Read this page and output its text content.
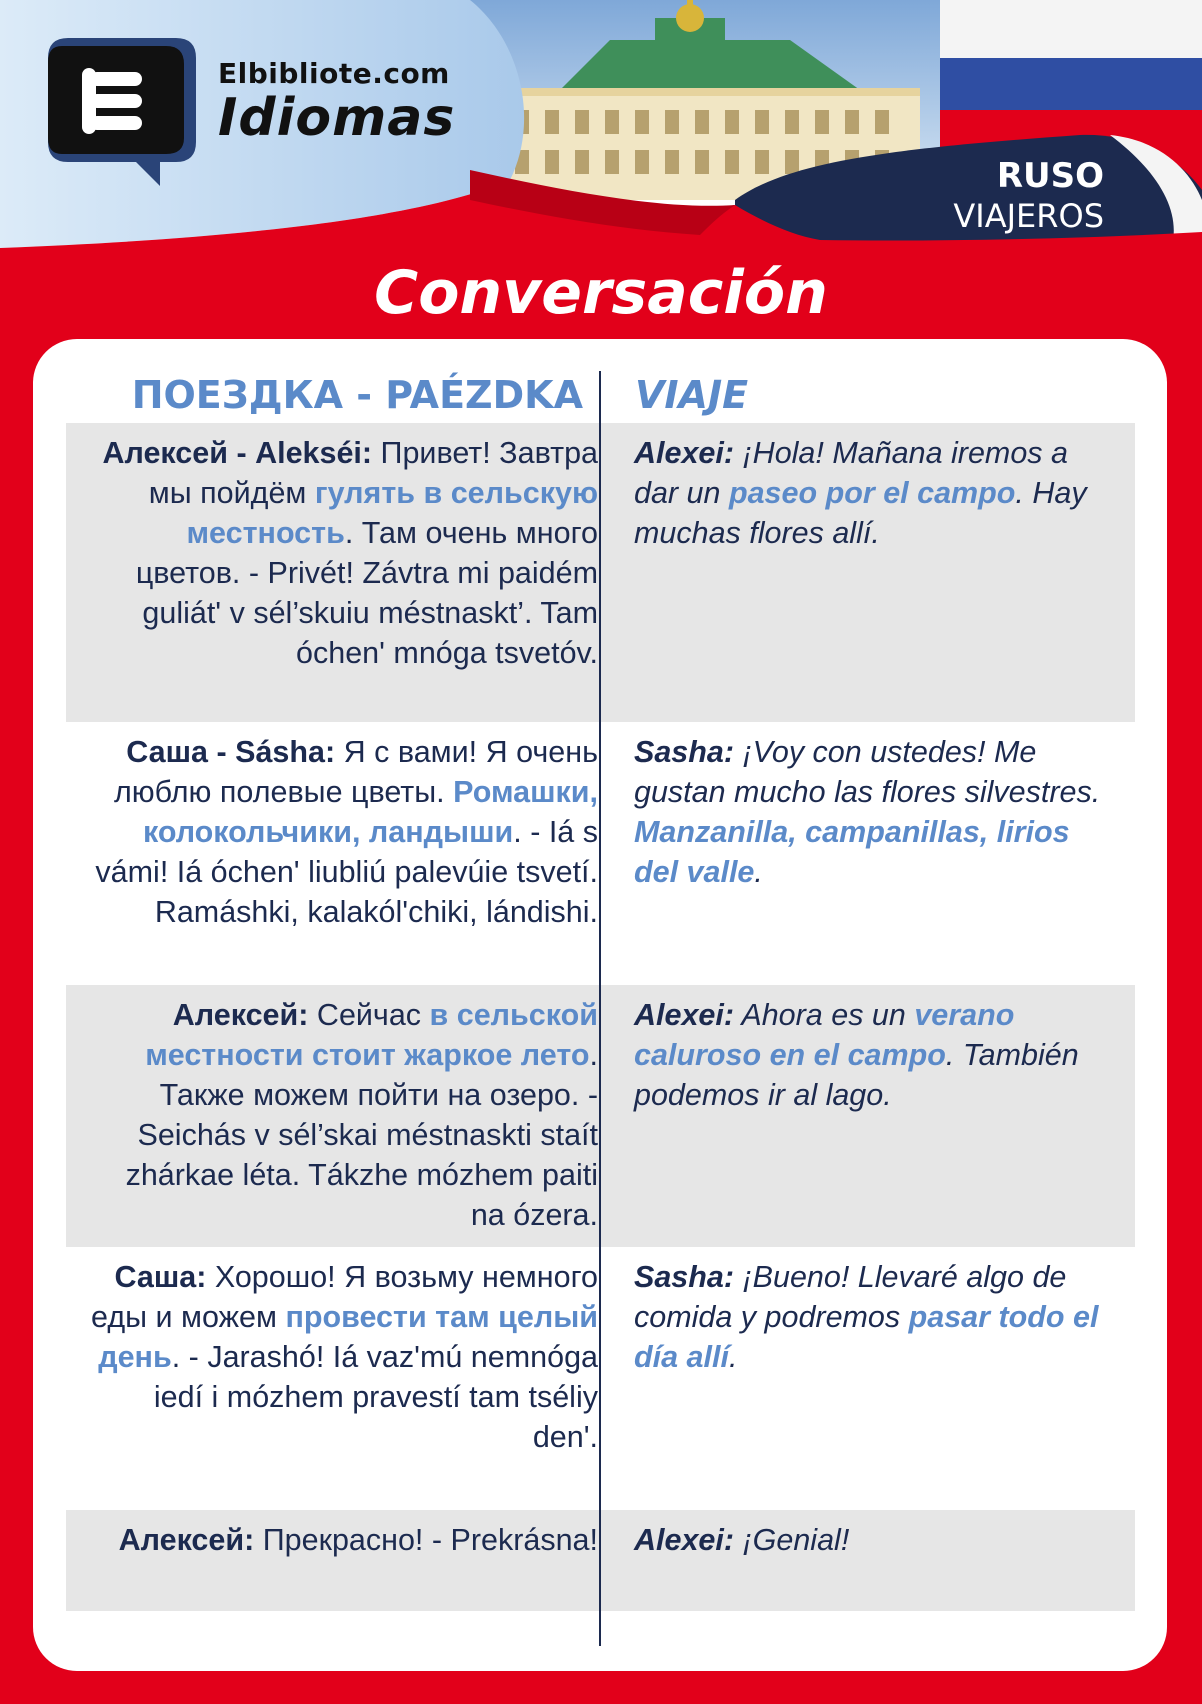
Elbibliote.com
Idiomas
RUSO
VIAJEROS
Conversación
ПОЕЗДКА - PAÉZDKA VIAJE
Алексей - Alekséi: Привет! Завтра мы пойдём гулять в сельскую местность. Там очень много цветов. - Privét! Závtra mi paidém guliát' v sél’skuiu méstnaskt’. Tam óchen' mnóga tsvetóv.
Alexei: ¡Hola! Mañana iremos a dar un paseo por el campo. Hay muchas flores allí.
Саша - Sásha: Я с вами! Я очень люблю полевые цветы. Ромашки, колокольчики, ландыши. - Iá s vámi! Iá óchen' liubliú palevúie tsvetí. Ramáshki, kalakól'chiki, lándishi.
Sasha: ¡Voy con ustedes! Me gustan mucho las flores silvestres. Manzanilla, campanillas, lirios del valle.
Алексей: Сейчас в сельской местности стоит жаркое лето. Также можем пойти на озеро. - Seichás v sél’skai méstnaskti staít zhárkae léta. Tákzhe mózhem paiti na ózera.
Alexei: Ahora es un verano caluroso en el campo. También podemos ir al lago.
Саша: Хорошо! Я возьму немного еды и можем провести там целый день. - Jarashó! Iá vaz'mú nemnóga iedí i mózhem pravestí tam tséliy den'.
Sasha: ¡Bueno! Llevaré algo de comida y podremos pasar todo el día allí.
Алексей: Прекрасно! - Prekrásna! Alexei: ¡Genial!
